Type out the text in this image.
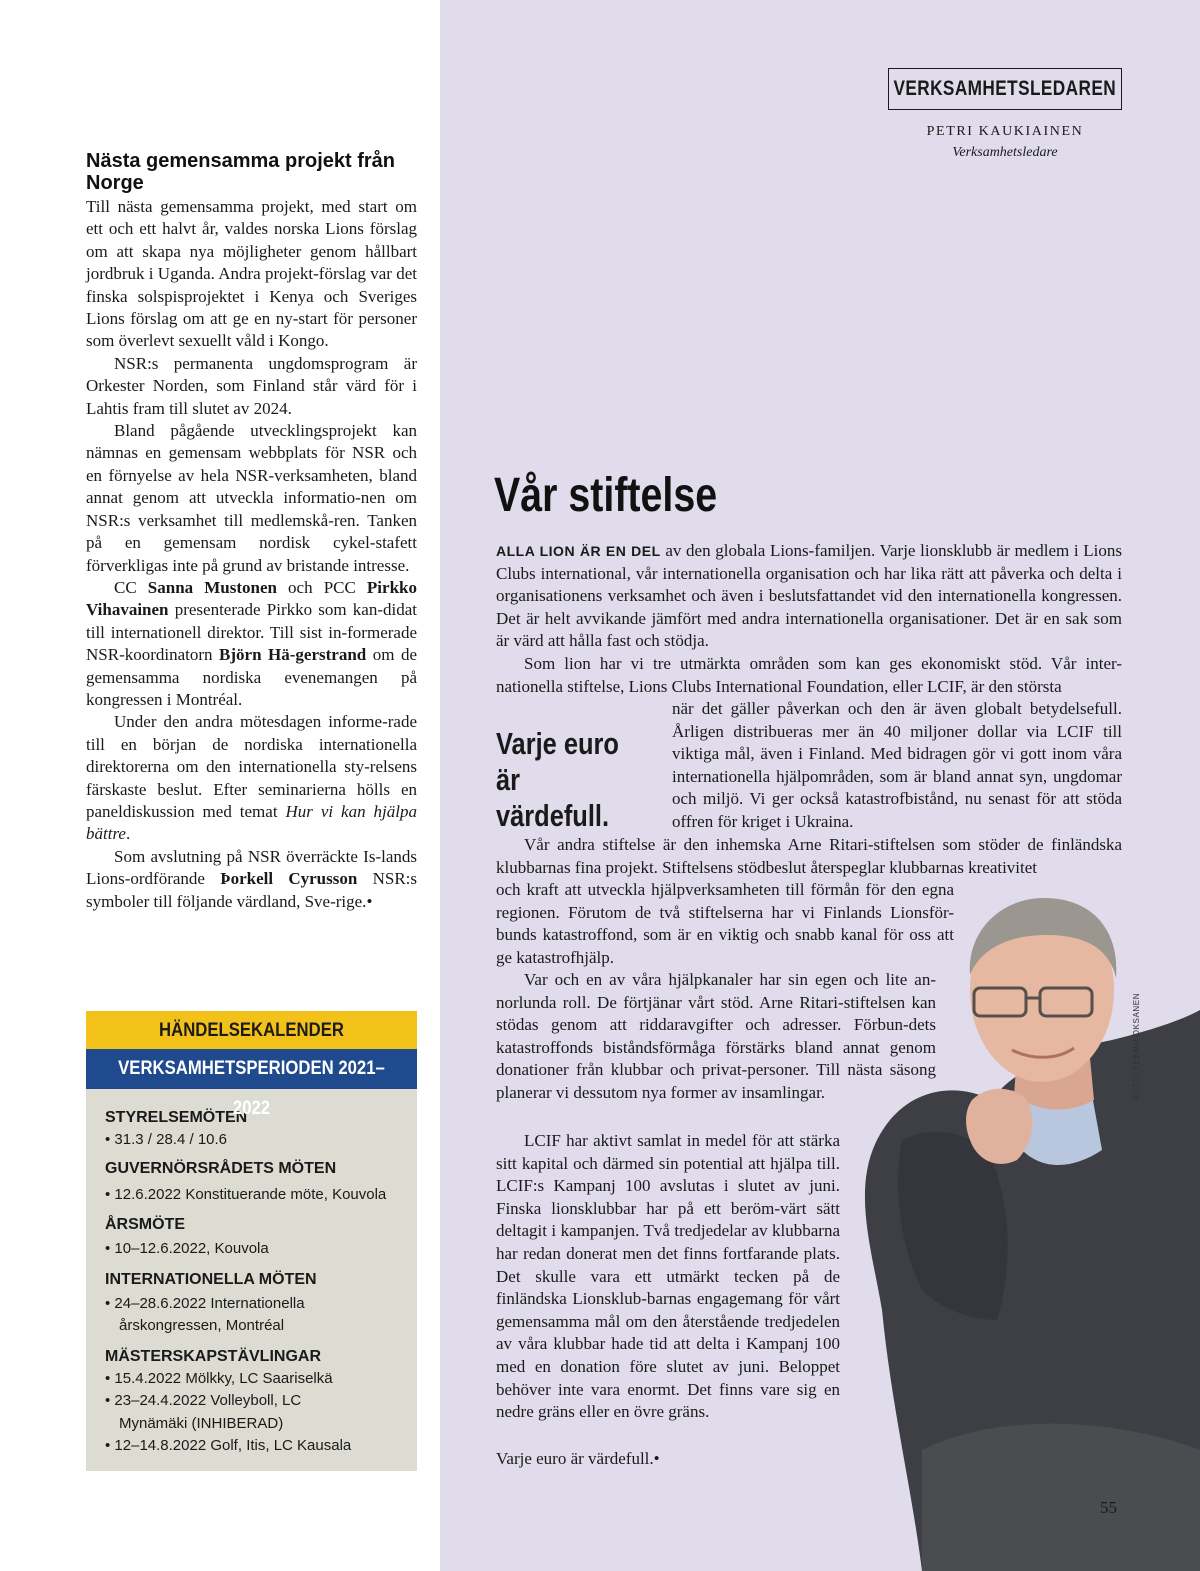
Nästa gemensamma projekt från Norge

Till nästa gemensamma projekt, med start om ett och ett halvt år, valdes norska Lions förslag om att skapa nya möjligheter genom hållbart jordbruk i Uganda. Andra projekt-förslag var det finska solspisprojektet i Kenya och Sveriges Lions förslag om att ge en ny-start för personer som överlevt sexuellt våld i Kongo.

NSR:s permanenta ungdomsprogram är Orkester Norden, som Finland står värd för i Lahtis fram till slutet av 2024.

Bland pågående utvecklingsprojekt kan nämnas en gemensam webbplats för NSR och en förnyelse av hela NSR-verksamheten, bland annat genom att utveckla informatio-nen om NSR:s verksamhet till medlemskå-ren. Tanken på en gemensam nordisk cykel-stafett förverkligas inte på grund av bristande intresse.

CC Sanna Mustonen och PCC Pirkko Vihavainen presenterade Pirkko som kan-didat till internationell direktor. Till sist in-formerade NSR-koordinatorn Björn Hä-gerstrand om de gemensamma nordiska evenemangen på kongressen i Montréal.

Under den andra mötesdagen informe-rade till en början de nordiska internationella direktorerna om den internationella sty-relsens färskaste beslut. Efter seminarierna hölls en paneldiskussion med temat Hur vi kan hjälpa bättre.

Som avslutning på NSR överräckte Is-lands Lions-ordförande Þorkell Cyrusson NSR:s symboler till följande värdland, Sve-rige.•

HÄNDELSEKALENDER
VERKSAMHETSPERIODEN 2021–2022
STYRELSEMÖTEN
• 31.3 / 28.4 / 10.6
GUVERNÖRSRÅDETS MÖTEN
• 12.6.2022 Konstituerande möte, Kouvola
ÅRSMÖTE
• 10–12.6.2022, Kouvola
INTERNATIONELLA MÖTEN
• 24–28.6.2022 Internationella årskongressen, Montréal
MÄSTERSKAPSTÄVLINGAR
• 15.4.2022 Mölkky, LC Saariselkä
• 23–24.4.2022 Volleyboll, LC Mynämäki (INHIBERAD)
• 12–14.8.2022 Golf, Itis, LC Kausala
VERKSAMHETSLEDAREN
PETRI KAUKIAINEN
Verksamhetsledare
Vår stiftelse

ALLA LION ÄR EN DEL av den globala Lions-familjen. Varje lionsklubb är medlem i Lions Clubs international, vår internationella organisation och har lika rätt att påverka och delta i organisationens verksamhet och även i beslutsfattandet vid den internationella kongressen. Det är helt avvikande jämfört med andra internationella organisationer. Det är en sak som är värd att hålla fast och stödja.

Som lion har vi tre utmärkta områden som kan ges ekonomiskt stöd. Vår inter-nationella stiftelse, Lions Clubs International Foundation, eller LCIF, är den största

Varje euro är värdefull.

när det gäller påverkan och den är även globalt betydelsefull. Årligen distribueras mer än 40 miljoner dollar via LCIF till viktiga mål, även i Finland. Med bidragen gör vi gott inom våra internationella hjälpområden, som är bland annat syn, ungdomar och miljö. Vi ger också katastrofbistånd, nu senast för att stöda offren för kriget i Ukraina.

Vår andra stiftelse är den inhemska Arne Ritari-stiftelsen som stöder de finländska klubbarnas fina projekt. Stiftelsens stödbeslut återspeglar klubbarnas kreativitet

och kraft att utveckla hjälpverksamheten till förmån för den egna regionen. Förutom de två stiftelserna har vi Finlands Lionsför-bunds katastroffond, som är en viktig och snabb kanal för oss att ge katastrofhjälp.

Var och en av våra hjälpkanaler har sin egen och lite an-norlunda roll. De förtjänar vårt stöd. Arne Ritari-stiftelsen kan stödas genom att riddaravgifter och adresser. Förbun-dets katastroffonds biståndsförmåga förstärks bland annat genom donationer från klubbar och privat-personer. Till nästa säsong planerar vi dessutom nya former av insamlingar.

LCIF har aktivt samlat in medel för att stärka sitt kapital och därmed sin potential att hjälpa till. LCIF:s Kampanj 100 avslutas i slutet av juni. Finska lionsklubbar har på ett beröm-värt sätt deltagit i kampanjen. Två tredjedelar av klubbarna har redan donerat men det finns fortfarande plats. Det skulle vara ett utmärkt tecken på de finländska Lionsklub-barnas engagemang för vårt gemensamma mål om den återstående tredjedelen av våra klubbar hade tid att delta i Kampanj 100 med en donation före slutet av juni. Beloppet behöver inte vara enormt. Det finns vare sig en nedre gräns eller en övre gräns.

Varje euro är värdefull.•

FOTO: TEEMU OKSANEN
55
